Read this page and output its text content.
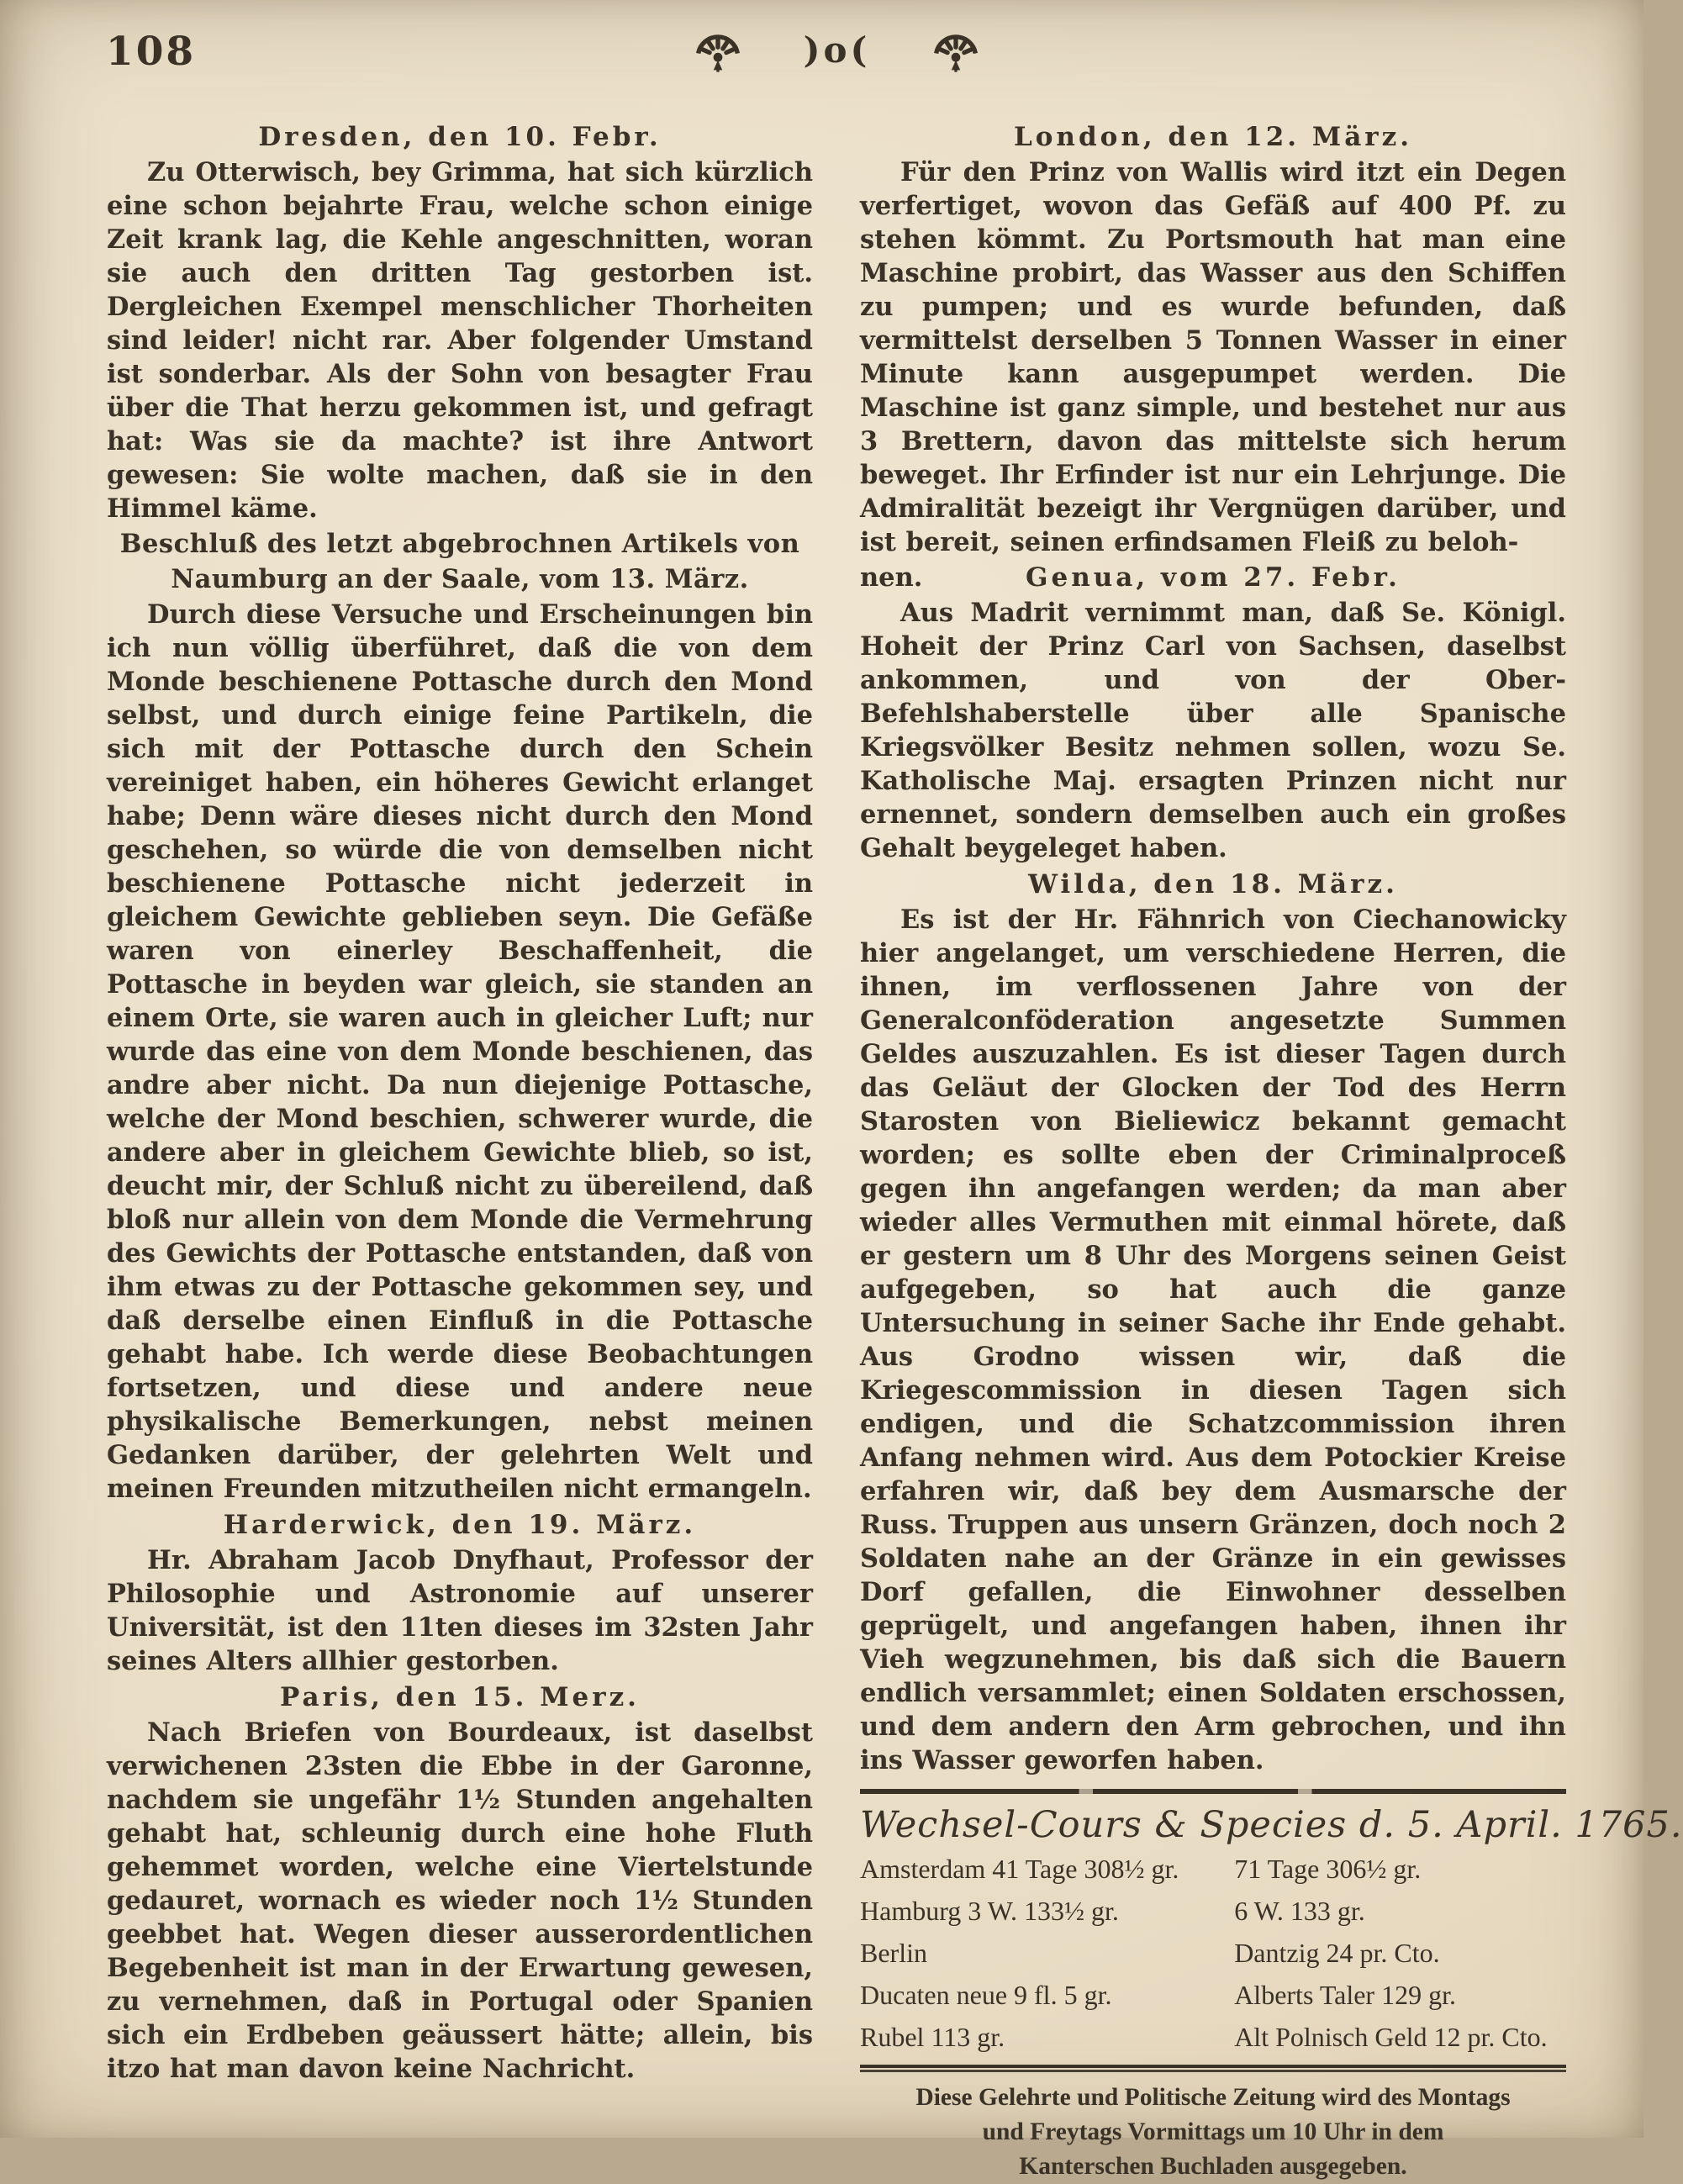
108	)o(
Dresden, den 10. Febr.

Zu Otterwisch, bey Grimma, hat sich kürzlich eine schon bejahrte Frau, welche schon einige Zeit krank lag, die Kehle angeschnitten, woran sie auch den dritten Tag gestorben ist. Dergleichen Exempel menschlicher Thorheiten sind leider! nicht rar. Aber folgender Umstand ist sonderbar. Als der Sohn von besagter Frau über die That herzu gekommen ist, und gefragt hat: Was sie da machte? ist ihre Antwort gewesen: Sie wolte machen, daß sie in den Himmel käme.

Beschluß des letzt abgebrochnen Artikels von
Naumburg an der Saale, vom 13. März.

Durch diese Versuche und Erscheinungen bin ich nun völlig überführet, daß die von dem Monde beschienene Pottasche durch den Mond selbst, und durch einige feine Partikeln, die sich mit der Pottasche durch den Schein vereiniget haben, ein höheres Gewicht erlanget habe; Denn wäre dieses nicht durch den Mond geschehen, so würde die von demselben nicht beschienene Pottasche nicht jederzeit in gleichem Gewichte geblieben seyn. Die Gefäße waren von einerley Beschaffenheit, die Pottasche in beyden war gleich, sie standen an einem Orte, sie waren auch in gleicher Luft; nur wurde das eine von dem Monde beschienen, das andre aber nicht. Da nun diejenige Pottasche, welche der Mond beschien, schwerer wurde, die andere aber in gleichem Gewichte blieb, so ist, deucht mir, der Schluß nicht zu übereilend, daß bloß nur allein von dem Monde die Vermehrung des Gewichts der Pottasche entstanden, daß von ihm etwas zu der Pottasche gekommen sey, und daß derselbe einen Einfluß in die Pottasche gehabt habe. Ich werde diese Beobachtungen fortsetzen, und diese und andere neue physikalische Bemerkungen, nebst meinen Gedanken darüber, der gelehrten Welt und meinen Freunden mitzutheilen nicht ermangeln.

Harderwick, den 19. März.

Hr. Abraham Jacob Dnyfhaut, Professor der Philosophie und Astronomie auf unserer Universität, ist den 11ten dieses im 32sten Jahr seines Alters allhier gestorben.

Paris, den 15. Merz.

Nach Briefen von Bourdeaux, ist daselbst verwichenen 23sten die Ebbe in der Garonne, nachdem sie ungefähr 1½ Stunden angehalten gehabt hat, schleunig durch eine hohe Fluth gehemmet worden, welche eine Viertelstunde gedauret, wornach es wieder noch 1½ Stunden geebbet hat. Wegen dieser ausserordentlichen Begebenheit ist man in der Erwartung gewesen, zu vernehmen, daß in Portugal oder Spanien sich ein Erdbeben geäussert hätte; allein, bis itzo hat man davon keine Nachricht.

London, den 12. März.

Für den Prinz von Wallis wird itzt ein Degen verfertiget, wovon das Gefäß auf 400 Pf. zu stehen kömmt. Zu Portsmouth hat man eine Maschine probirt, das Wasser aus den Schiffen zu pumpen; und es wurde befunden, daß vermittelst derselben 5 Tonnen Wasser in einer Minute kann ausgepumpet werden. Die Maschine ist ganz simple, und bestehet nur aus 3 Brettern, davon das mittelste sich herum beweget. Ihr Erfinder ist nur ein Lehrjunge. Die Admiralität bezeigt ihr Vergnügen darüber, und ist bereit, seinen erfindsamen Fleiß zu beloh-

nen.	Genua, vom 27. Febr.

Aus Madrit vernimmt man, daß Se. Königl. Hoheit der Prinz Carl von Sachsen, daselbst ankommen, und von der Ober-Befehlshaberstelle über alle Spanische Kriegsvölker Besitz nehmen sollen, wozu Se. Katholische Maj. ersagten Prinzen nicht nur ernennet, sondern demselben auch ein großes Gehalt beygeleget haben.

Wilda, den 18. März.

Es ist der Hr. Fähnrich von Ciechanowicky hier angelanget, um verschiedene Herren, die ihnen, im verflossenen Jahre von der Generalconföderation angesetzte Summen Geldes auszuzahlen. Es ist dieser Tagen durch das Geläut der Glocken der Tod des Herrn Starosten von Bieliewicz bekannt gemacht worden; es sollte eben der Criminalproceß gegen ihn angefangen werden; da man aber wieder alles Vermuthen mit einmal hörete, daß er gestern um 8 Uhr des Morgens seinen Geist aufgegeben, so hat auch die ganze Untersuchung in seiner Sache ihr Ende gehabt. Aus Grodno wissen wir, daß die Kriegescommission in diesen Tagen sich endigen, und die Schatzcommission ihren Anfang nehmen wird. Aus dem Potockier Kreise erfahren wir, daß bey dem Ausmarsche der Russ. Truppen aus unsern Gränzen, doch noch 2 Soldaten nahe an der Gränze in ein gewisses Dorf gefallen, die Einwohner desselben geprügelt, und angefangen haben, ihnen ihr Vieh wegzunehmen, bis daß sich die Bauern endlich versammlet; einen Soldaten erschossen, und dem andern den Arm gebrochen, und ihn ins Wasser geworfen haben.

Wechsel-Cours & Species d. 5. April. 1765.
Amsterdam 41 Tage 308½ gr.	71 Tage 306½ gr.
Hamburg 3 W. 133½ gr.	6 W. 133 gr.
Berlin	Dantzig 24 pr. Cto.
Ducaten neue 9 fl. 5 gr.	Alberts Taler 129 gr.
Rubel 113 gr.	Alt Polnisch Geld 12 pr. Cto.
Diese Gelehrte und Politische Zeitung wird des Montags
und Freytags Vormittags um 10 Uhr in dem
Kanterschen Buchladen ausgegeben.
